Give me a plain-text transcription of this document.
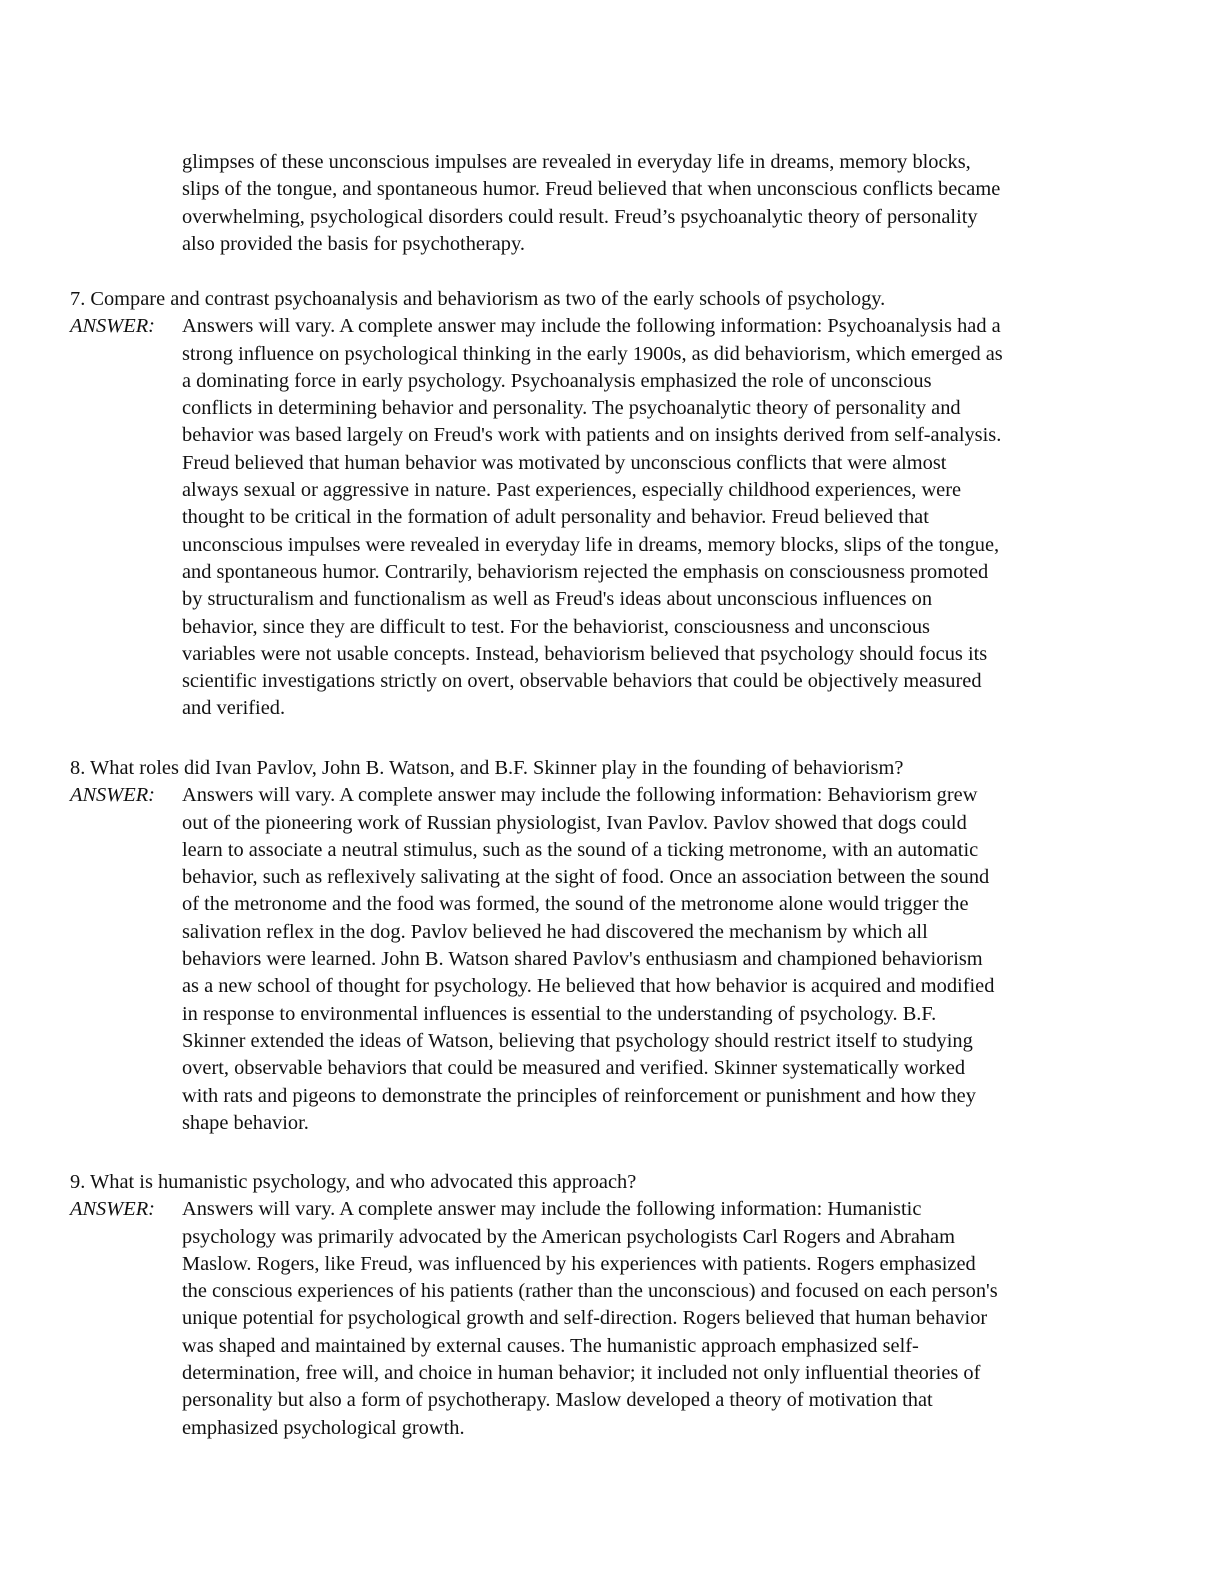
glimpses of these unconscious impulses are revealed in everyday life in dreams, memory blocks,
slips of the tongue, and spontaneous humor. Freud believed that when unconscious conflicts became
overwhelming, psychological disorders could result. Freud’s psychoanalytic theory of personality
also provided the basis for psychotherapy.
7. Compare and contrast psychoanalysis and behaviorism as two of the early schools of psychology.
ANSWER:	Answers will vary. A complete answer may include the following information: Psychoanalysis had a
strong influence on psychological thinking in the early 1900s, as did behaviorism, which emerged as
a dominating force in early psychology. Psychoanalysis emphasized the role of unconscious
conflicts in determining behavior and personality. The psychoanalytic theory of personality and
behavior was based largely on Freud's work with patients and on insights derived from self-analysis.
Freud believed that human behavior was motivated by unconscious conflicts that were almost
always sexual or aggressive in nature. Past experiences, especially childhood experiences, were
thought to be critical in the formation of adult personality and behavior. Freud believed that
unconscious impulses were revealed in everyday life in dreams, memory blocks, slips of the tongue,
and spontaneous humor. Contrarily, behaviorism rejected the emphasis on consciousness promoted
by structuralism and functionalism as well as Freud's ideas about unconscious influences on
behavior, since they are difficult to test. For the behaviorist, consciousness and unconscious
variables were not usable concepts. Instead, behaviorism believed that psychology should focus its
scientific investigations strictly on overt, observable behaviors that could be objectively measured
and verified.
8. What roles did Ivan Pavlov, John B. Watson, and B.F. Skinner play in the founding of behaviorism?
ANSWER:	Answers will vary. A complete answer may include the following information: Behaviorism grew
out of the pioneering work of Russian physiologist, Ivan Pavlov. Pavlov showed that dogs could
learn to associate a neutral stimulus, such as the sound of a ticking metronome, with an automatic
behavior, such as reflexively salivating at the sight of food. Once an association between the sound
of the metronome and the food was formed, the sound of the metronome alone would trigger the
salivation reflex in the dog. Pavlov believed he had discovered the mechanism by which all
behaviors were learned. John B. Watson shared Pavlov's enthusiasm and championed behaviorism
as a new school of thought for psychology. He believed that how behavior is acquired and modified
in response to environmental influences is essential to the understanding of psychology. B.F.
Skinner extended the ideas of Watson, believing that psychology should restrict itself to studying
overt, observable behaviors that could be measured and verified. Skinner systematically worked
with rats and pigeons to demonstrate the principles of reinforcement or punishment and how they
shape behavior.
9. What is humanistic psychology, and who advocated this approach?
ANSWER:	Answers will vary. A complete answer may include the following information: Humanistic
psychology was primarily advocated by the American psychologists Carl Rogers and Abraham
Maslow. Rogers, like Freud, was influenced by his experiences with patients. Rogers emphasized
the conscious experiences of his patients (rather than the unconscious) and focused on each person's
unique potential for psychological growth and self-direction. Rogers believed that human behavior
was shaped and maintained by external causes. The humanistic approach emphasized self-
determination, free will, and choice in human behavior; it included not only influential theories of
personality but also a form of psychotherapy. Maslow developed a theory of motivation that
emphasized psychological growth.
